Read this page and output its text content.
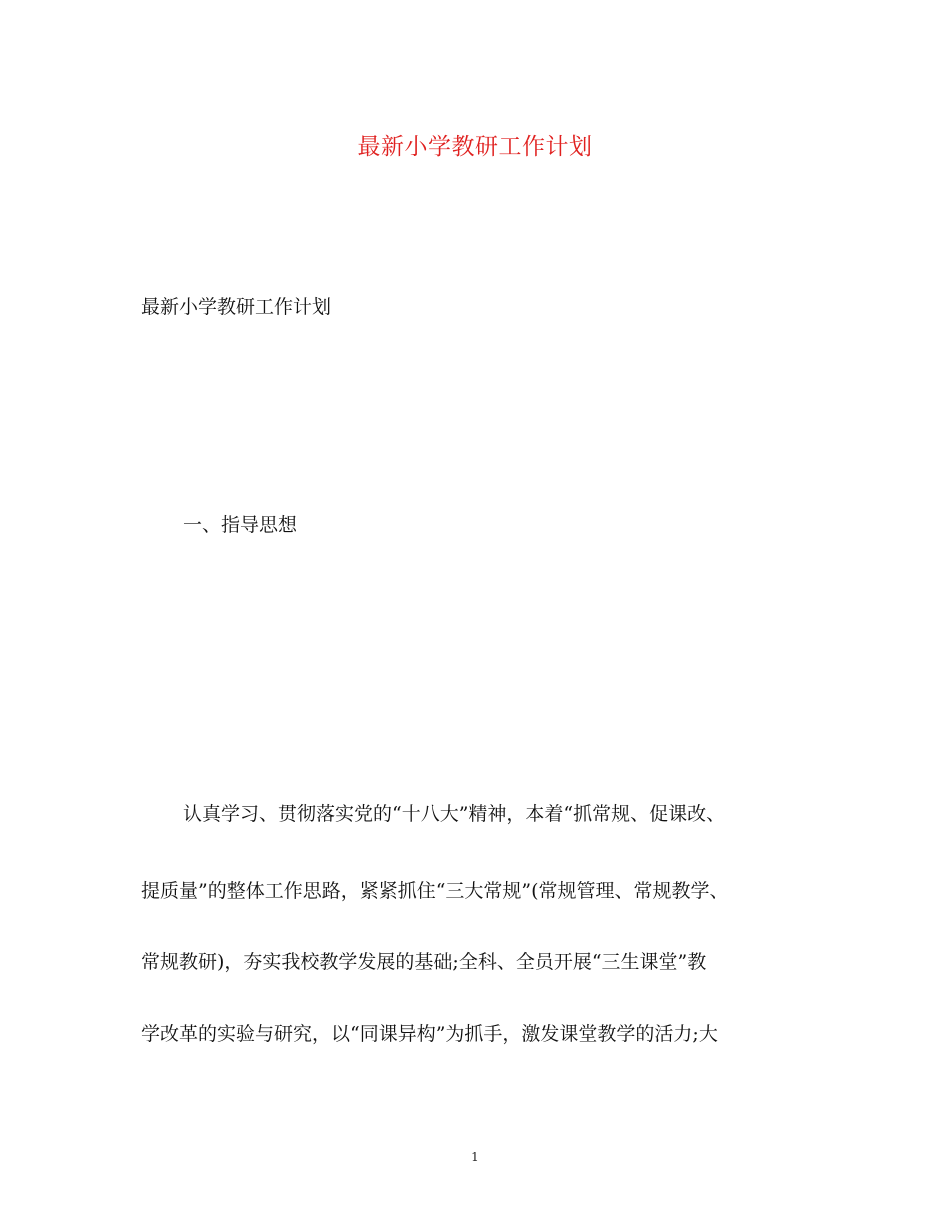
最新小学教研工作计划

最新小学教研工作计划

一、指导思想

认真学习、贯彻落实党的“十八大”精神，本着“抓常规、促课改、

提质量”的整体工作思路，紧紧抓住“三大常规”(常规管理、常规教学、

常规教研)，夯实我校教学发展的基础;全科、全员开展“三生课堂”教

学改革的实验与研究，以“同课异构”为抓手，激发课堂教学的活力;大

1
